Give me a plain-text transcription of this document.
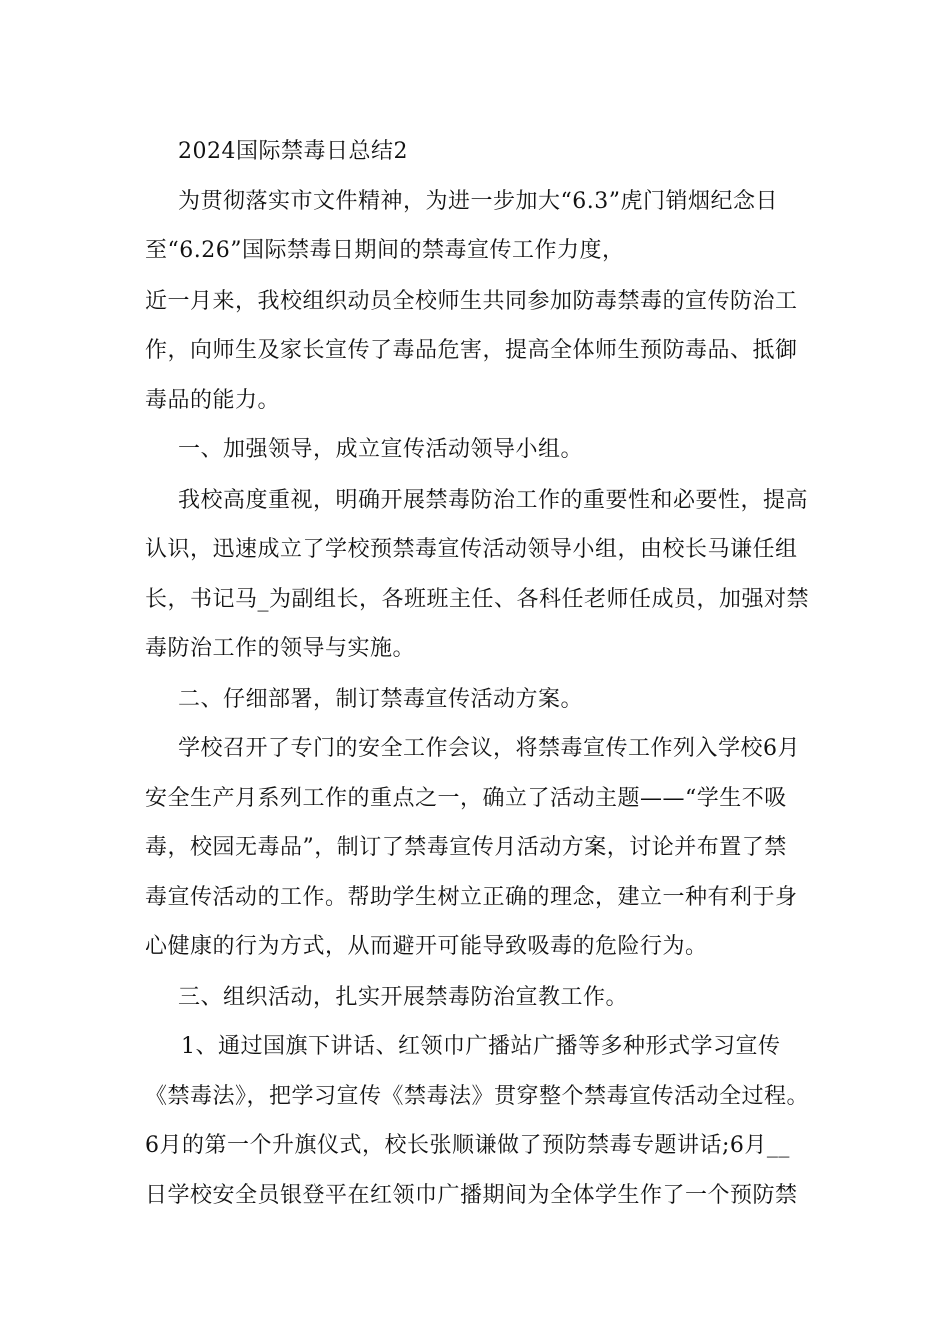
2024国际禁毒日总结2
为贯彻落实市文件精神，为进一步加大“6.3”虎门销烟纪念日
至“6.26”国际禁毒日期间的禁毒宣传工作力度，
近一月来，我校组织动员全校师生共同参加防毒禁毒的宣传防治工
作，向师生及家长宣传了毒品危害，提高全体师生预防毒品、抵御
毒品的能力。
一、加强领导，成立宣传活动领导小组。
我校高度重视，明确开展禁毒防治工作的重要性和必要性，提高
认识，迅速成立了学校预禁毒宣传活动领导小组，由校长马谦任组
长，书记马_为副组长，各班班主任、各科任老师任成员，加强对禁
毒防治工作的领导与实施。
二、仔细部署，制订禁毒宣传活动方案。
学校召开了专门的安全工作会议，将禁毒宣传工作列入学校6月
安全生产月系列工作的重点之一，确立了活动主题——“学生不吸
毒，校园无毒品”，制订了禁毒宣传月活动方案，讨论并布置了禁
毒宣传活动的工作。帮助学生树立正确的理念，建立一种有利于身
心健康的行为方式，从而避开可能导致吸毒的危险行为。
三、组织活动，扎实开展禁毒防治宣教工作。
1、通过国旗下讲话、红领巾广播站广播等多种形式学习宣传
《禁毒法》，把学习宣传《禁毒法》贯穿整个禁毒宣传活动全过程。
6月的第一个升旗仪式，校长张顺谦做了预防禁毒专题讲话;6月__
日学校安全员银登平在红领巾广播期间为全体学生作了一个预防禁
